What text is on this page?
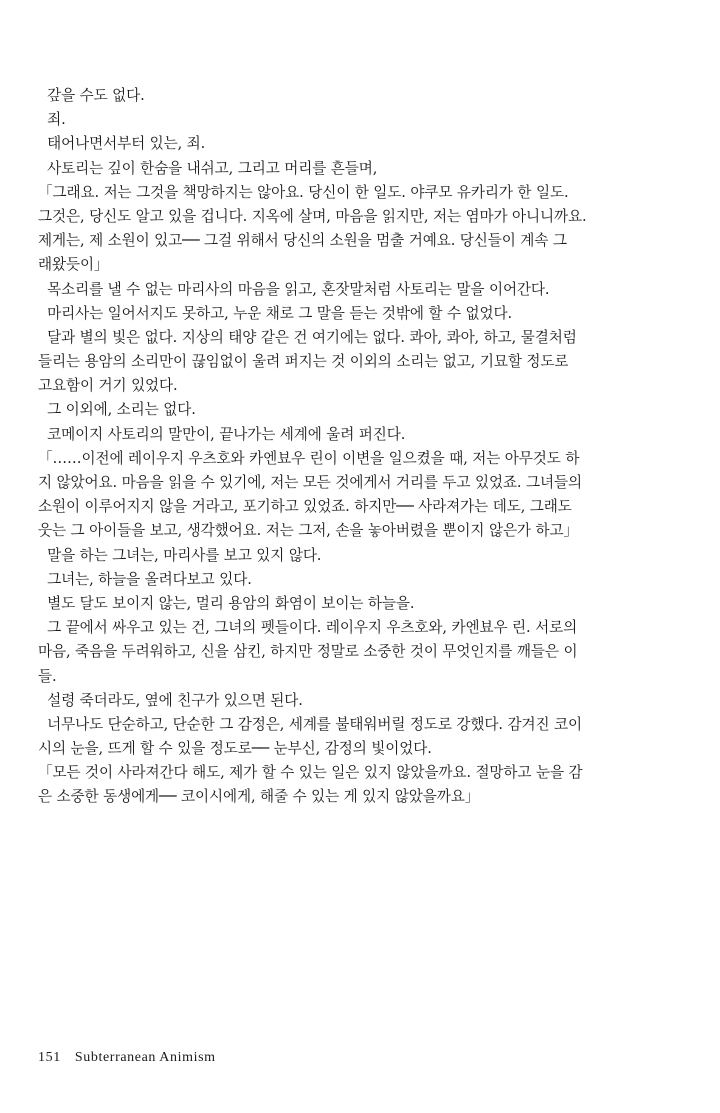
갚을 수도 없다.
죄.
태어나면서부터 있는, 죄.
사토리는 깊이 한숨을 내쉬고, 그리고 머리를 흔들며,
「그래요. 저는 그것을 책망하지는 않아요. 당신이 한 일도. 야쿠모 유카리가 한 일도.
그것은, 당신도 알고 있을 겁니다. 지옥에 살며, 마음을 읽지만, 저는 염마가 아니니까요.
제게는, 제 소원이 있고── 그걸 위해서 당신의 소원을 멈출 거예요. 당신들이 계속 그
래왔듯이」
목소리를 낼 수 없는 마리사의 마음을 읽고, 혼잣말처럼 사토리는 말을 이어간다.
마리사는 일어서지도 못하고, 누운 채로 그 말을 듣는 것밖에 할 수 없었다.
달과 별의 빛은 없다. 지상의 태양 같은 건 여기에는 없다. 콰아, 콰아, 하고, 물결처럼
들리는 용암의 소리만이 끊임없이 울려 퍼지는 것 이외의 소리는 없고, 기묘할 정도로
고요함이 거기 있었다.
그 이외에, 소리는 없다.
코메이지 사토리의 말만이, 끝나가는 세계에 울려 퍼진다.
「……이전에 레이우지 우츠호와 카엔뵤우 린이 이변을 일으켰을 때, 저는 아무것도 하
지 않았어요. 마음을 읽을 수 있기에, 저는 모든 것에게서 거리를 두고 있었죠. 그녀들의
소원이 이루어지지 않을 거라고, 포기하고 있었죠. 하지만── 사라져가는 데도, 그래도
웃는 그 아이들을 보고, 생각했어요. 저는 그저, 손을 놓아버렸을 뿐이지 않은가 하고」
말을 하는 그녀는, 마리사를 보고 있지 않다.
그녀는, 하늘을 올려다보고 있다.
별도 달도 보이지 않는, 멀리 용암의 화염이 보이는 하늘을.
그 끝에서 싸우고 있는 건, 그녀의 펫들이다. 레이우지 우츠호와, 카엔뵤우 린. 서로의
마음, 죽음을 두려워하고, 신을 삼킨, 하지만 정말로 소중한 것이 무엇인지를 깨들은 이
들.
설령 죽더라도, 옆에 친구가 있으면 된다.
너무나도 단순하고, 단순한 그 감정은, 세계를 불태워버릴 정도로 강했다. 감겨진 코이
시의 눈을, 뜨게 할 수 있을 정도로── 눈부신, 감정의 빛이었다.
「모든 것이 사라져간다 해도, 제가 할 수 있는 일은 있지 않았을까요. 절망하고 눈을 감
은 소중한 동생에게── 코이시에게, 해줄 수 있는 게 있지 않았을까요」
151 Subterranean Animism
